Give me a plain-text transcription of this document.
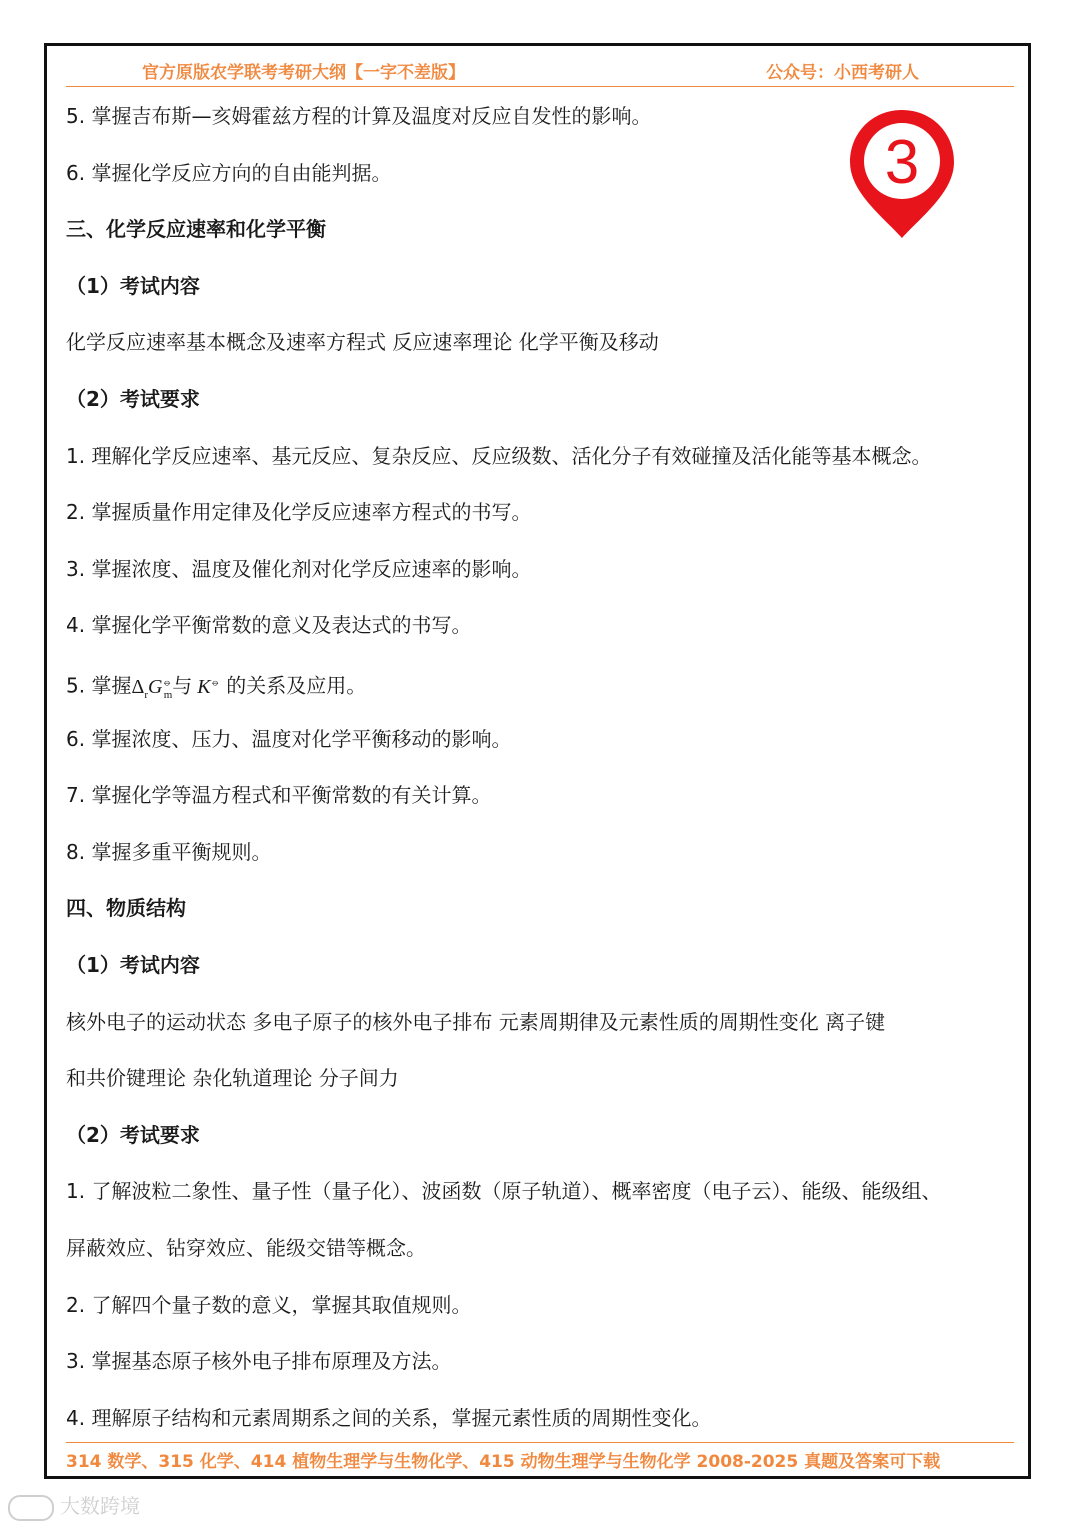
官方原版农学联考考研大纲【一字不差版】	公众号：小西考研人
3
5. 掌握吉布斯—亥姆霍兹方程的计算及温度对反应自发性的影响。
6. 掌握化学反应方向的自由能判据。
三、化学反应速率和化学平衡
（1）考试内容
化学反应速率基本概念及速率方程式 反应速率理论 化学平衡及移动
（2）考试要求
1. 理解化学反应速率、基元反应、复杂反应、反应级数、活化分子有效碰撞及活化能等基本概念。
2. 掌握质量作用定律及化学反应速率方程式的书写。
3. 掌握浓度、温度及催化剂对化学反应速率的影响。
4. 掌握化学平衡常数的意义及表达式的书写。
5. 掌握$\Delta_rG^⦵_m$与 K⦵ 的关系及应用。
6. 掌握浓度、压力、温度对化学平衡移动的影响。
7. 掌握化学等温方程式和平衡常数的有关计算。
8. 掌握多重平衡规则。
四、物质结构
（1）考试内容
核外电子的运动状态 多电子原子的核外电子排布 元素周期律及元素性质的周期性变化 离子键
和共价键理论 杂化轨道理论 分子间力
（2）考试要求
1. 了解波粒二象性、量子性（量子化）、波函数（原子轨道）、概率密度（电子云）、能级、能级组、
屏蔽效应、钻穿效应、能级交错等概念。
2. 了解四个量子数的意义，掌握其取值规则。
3. 掌握基态原子核外电子排布原理及方法。
4. 理解原子结构和元素周期系之间的关系，掌握元素性质的周期性变化。
314 数学、315 化学、414 植物生理学与生物化学、415 动物生理学与生物化学 2008-2025 真题及答案可下载
大数跨境
